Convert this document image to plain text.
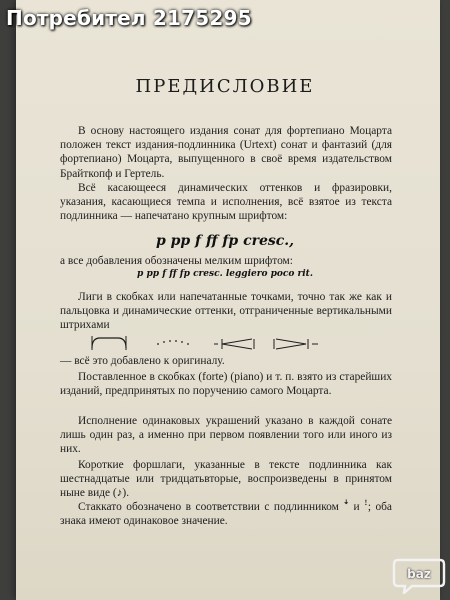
Потребител 2175295
ПРЕДИСЛОВИЕ
В основу настоящего издания сонат для фортепиано Моцарта положен текст издания-подлинника (Urtext) сонат и фантазий (для фортепиано) Моцарта, выпущенного в своё время издательством Брайткопф и Гертель.
Всё касающееся динамических оттенков и фразировки, указания, касающиеся темпа и исполнения, всё взятое из текста подлинника — напечатано крупным шрифтом:
p pp f ff fp cresc.,
а все добавления обозначены мелким шрифтом:
p pp f ff fp cresc. leggiero poco rit.
Лиги в скобках или напечатанные точками, точно так же как и пальцовка и динамические оттенки, отграниченные вертикальными штрихами
— всё это добавлено к оригиналу.
Поставленное в скобках (forte) (piano) и т. п. взято из старейших изданий, предпринятых по поручению самого Моцарта.
Исполнение одинаковых украшений указано в каждой сонате лишь один раз, а именно при первом появлении того или иного из них.
Короткие форшлаги, указанные в тексте подлинника как шестнадцатые или тридцатьвторые, воспроизведены в принятом ныне виде (♪).
Стаккато обозначено в соответствии с подлинником ꜜ и ꜝ; оба знака имеют одинаковое значение.
baz
